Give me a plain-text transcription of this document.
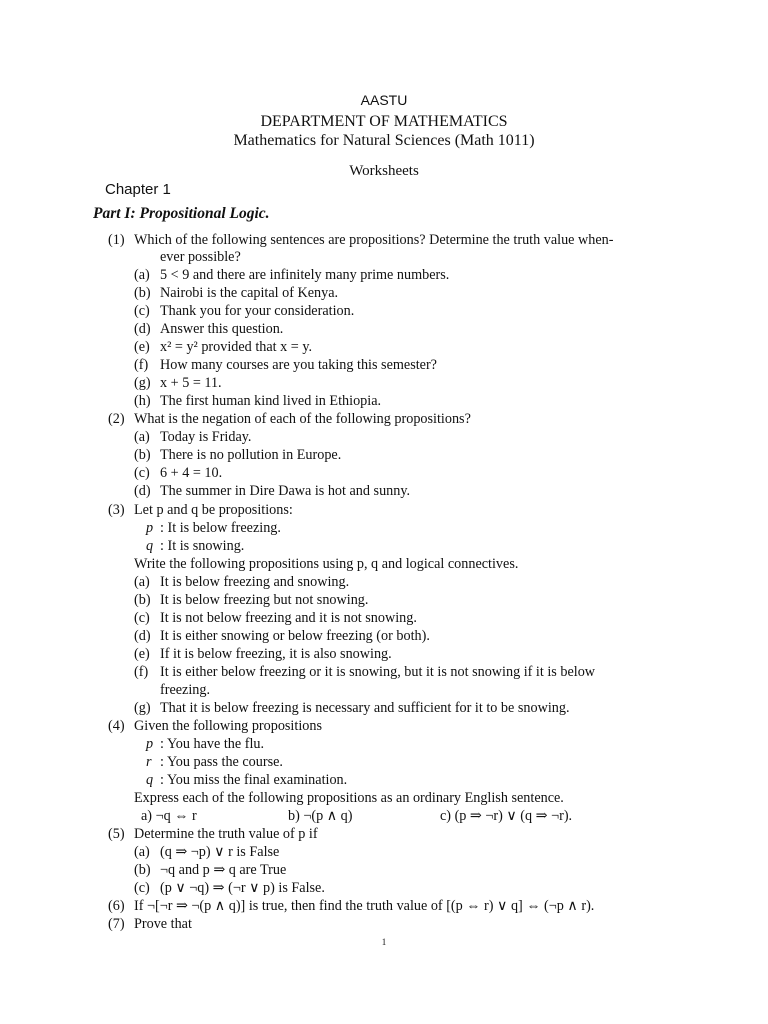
AASTU
DEPARTMENT OF MATHEMATICS
Mathematics for Natural Sciences (Math 1011)
Worksheets
Chapter 1
Part I: Propositional Logic.
(1) Which of the following sentences are propositions? Determine the truth value when-
ever possible?
(a) 5 < 9 and there are infinitely many prime numbers.
(b) Nairobi is the capital of Kenya.
(c) Thank you for your consideration.
(d) Answer this question.
(e) x² = y² provided that x = y.
(f) How many courses are you taking this semester?
(g) x + 5 = 11.
(h) The first human kind lived in Ethiopia.
(2) What is the negation of each of the following propositions?
(a) Today is Friday.
(b) There is no pollution in Europe.
(c) 6 + 4 = 10.
(d) The summer in Dire Dawa is hot and sunny.
(3) Let p and q be propositions:
p : It is below freezing.
q : It is snowing.
Write the following propositions using p, q and logical connectives.
(a) It is below freezing and snowing.
(b) It is below freezing but not snowing.
(c) It is not below freezing and it is not snowing.
(d) It is either snowing or below freezing (or both).
(e) If it is below freezing, it is also snowing.
(f) It is either below freezing or it is snowing, but it is not snowing if it is below
freezing.
(g) That it is below freezing is necessary and sufficient for it to be snowing.
(4) Given the following propositions
p : You have the flu.
r : You pass the course.
q : You miss the final examination.
Express each of the following propositions as an ordinary English sentence.
a) ¬q ⇔ r	b) ¬(p ∧ q)	c) (p ⇒ ¬r) ∨ (q ⇒ ¬r).
(5) Determine the truth value of p if
(a) (q ⇒ ¬p) ∨ r is False
(b) ¬q and p ⇒ q are True
(c) (p ∨ ¬q) ⇒ (¬r ∨ p) is False.
(6) If ¬[¬r ⇒ ¬(p ∧ q)] is true, then find the truth value of [(p ⇔ r) ∨ q] ⇔ (¬p ∧ r).
(7) Prove that
1
